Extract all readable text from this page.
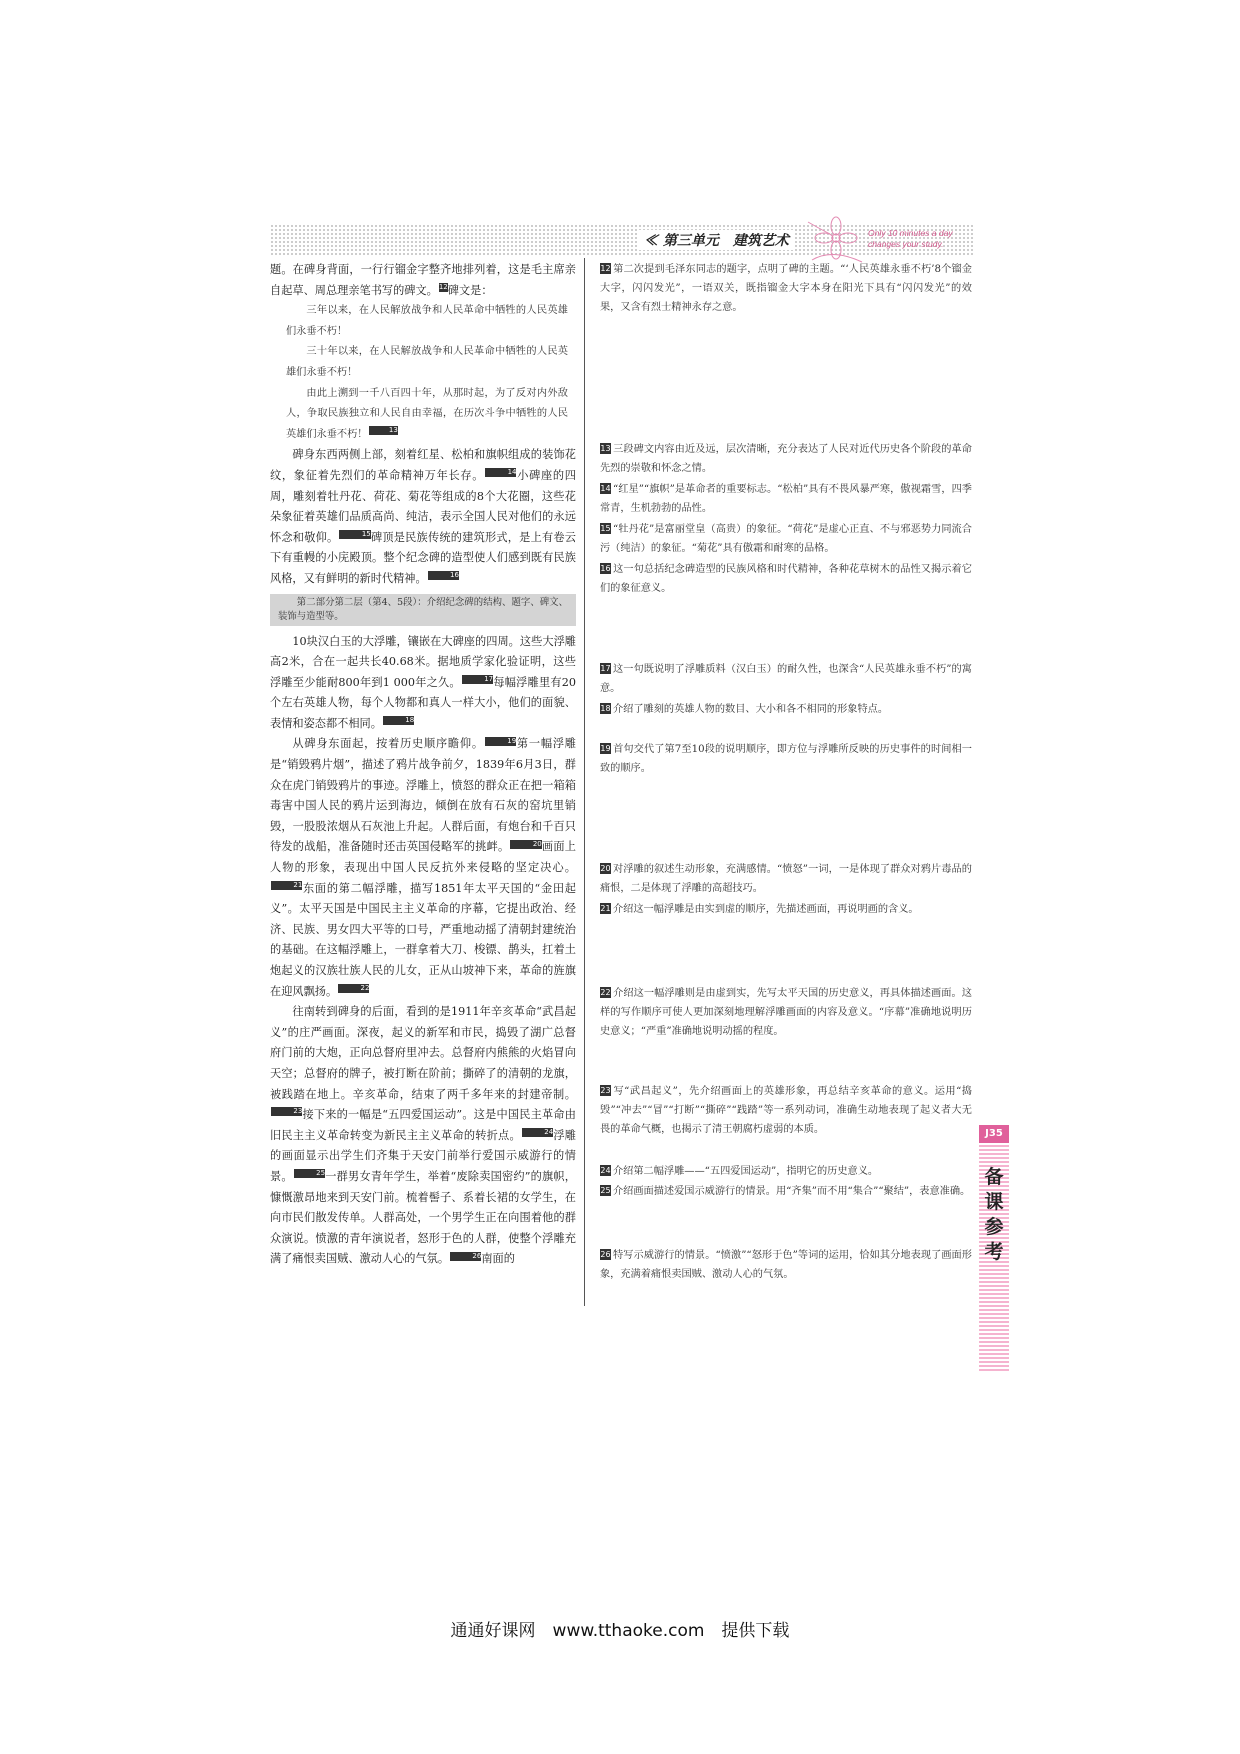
≪ 第三单元　建筑艺术	Only 10 minutes a day
changes your study.

题。在碑身背面，一行行镏金字整齐地排列着，这是毛主席亲自起草、周总理亲笔书写的碑文。12碑文是：

三年以来，在人民解放战争和人民革命中牺牲的人民英雄们永垂不朽！

三十年以来，在人民解放战争和人民革命中牺牲的人民英雄们永垂不朽！

由此上溯到一千八百四十年，从那时起，为了反对内外敌人，争取民族独立和人民自由幸福，在历次斗争中牺牲的人民英雄们永垂不朽！	13

碑身东西两侧上部，刻着红星、松柏和旗帜组成的装饰花纹，象征着先烈们的革命精神万年长存。	14小碑座的四周，雕刻着牡丹花、荷花、菊花等组成的8个大花圈，这些花朵象征着英雄们品质高尚、纯洁，表示全国人民对他们的永远怀念和敬仰。	15碑顶是民族传统的建筑形式，是上有卷云下有重幔的小庑殿顶。整个纪念碑的造型使人们感到既有民族风格，又有鲜明的新时代精神。	16

第二部分第二层（第4、5段）：介绍纪念碑的结构、题字、碑文、装饰与造型等。

10块汉白玉的大浮雕，镶嵌在大碑座的四周。这些大浮雕高2米，合在一起共长40.68米。据地质学家化验证明，这些浮雕至少能耐800年到1 000年之久。	17每幅浮雕里有20个左右英雄人物，每个人物都和真人一样大小，他们的面貌、表情和姿态都不相同。	18

从碑身东面起，按着历史顺序瞻仰。	19第一幅浮雕是“销毁鸦片烟”，描述了鸦片战争前夕，1839年6月3日，群众在虎门销毁鸦片的事迹。浮雕上，愤怒的群众正在把一箱箱毒害中国人民的鸦片运到海边，倾倒在放有石灰的窑坑里销毁，一股股浓烟从石灰池上升起。人群后面，有炮台和千百只待发的战船，准备随时还击英国侵略军的挑衅。	20画面上人物的形象，表现出中国人民反抗外来侵略的坚定决心。21东面的第二幅浮雕，描写1851年太平天国的“金田起义”。太平天国是中国民主主义革命的序幕，它提出政治、经济、民族、男女四大平等的口号，严重地动摇了清朝封建统治的基础。在这幅浮雕上，一群拿着大刀、梭镖、鹊头，扛着土炮起义的汉族壮族人民的儿女，正从山坡神下来，革命的旌旗在迎风飘扬。	22

往南转到碑身的后面，看到的是1911年辛亥革命“武昌起义”的庄严画面。深夜，起义的新军和市民，捣毁了湖广总督府门前的大炮，正向总督府里冲去。总督府内熊熊的火焰冒向天空；总督府的牌子，被打断在阶前；撕碎了的清朝的龙旗，被践踏在地上。辛亥革命，结束了两千多年来的封建帝制。23接下来的一幅是“五四爱国运动”。这是中国民主革命由旧民主主义革命转变为新民主主义革命的转折点。	24浮雕的画面显示出学生们齐集于天安门前举行爱国示威游行的情景。	25一群男女青年学生，举着“废除卖国密约”的旗帜，慷慨激昂地来到天安门前。梳着髻子、系着长裙的女学生，在向市民们散发传单。人群高处，一个男学生正在向围着他的群众演说。愤激的青年演说者，怒形于色的人群，使整个浮雕充满了痛恨卖国贼、激动人心的气氛。	26南面的

12 第二次提到毛泽东同志的题字，点明了碑的主题。“‘人民英雄永垂不朽’8个镏金大字，闪闪发光”，一语双关，既指镏金大字本身在阳光下具有“闪闪发光”的效果，又含有烈士精神永存之意。

13 三段碑文内容由近及远，层次清晰，充分表达了人民对近代历史各个阶段的革命先烈的崇敬和怀念之情。

14 “红星”“旗帜”是革命者的重要标志。“松柏”具有不畏风暴严寒，傲视霜雪，四季常青，生机勃勃的品性。

15 “牡丹花”是富丽堂皇（高贵）的象征。“荷花”是虚心正直、不与邪恶势力同流合污（纯洁）的象征。“菊花”具有傲霜和耐寒的品格。

16 这一句总括纪念碑造型的民族风格和时代精神，各种花草树木的品性又揭示着它们的象征意义。

17 这一句既说明了浮雕质料（汉白玉）的耐久性，也深含“人民英雄永垂不朽”的寓意。

18 介绍了雕刻的英雄人物的数目、大小和各不相同的形象特点。

19 首句交代了第7至10段的说明顺序，即方位与浮雕所反映的历史事件的时间相一致的顺序。

20 对浮雕的叙述生动形象，充满感情。“愤怒”一词，一是体现了群众对鸦片毒品的痛恨，二是体现了浮雕的高超技巧。

21 介绍这一幅浮雕是由实到虚的顺序，先描述画面，再说明画的含义。

22 介绍这一幅浮雕则是由虚到实，先写太平天国的历史意义，再具体描述画面。这样的写作顺序可使人更加深刻地理解浮雕画面的内容及意义。“序幕”准确地说明历史意义；“严重”准确地说明动摇的程度。

23 写“武昌起义”，先介绍画面上的英雄形象，再总结辛亥革命的意义。运用“捣毁”“冲去”“冒”“打断”“撕碎”“践踏”等一系列动词，准确生动地表现了起义者大无畏的革命气概，也揭示了清王朝腐朽虚弱的本质。

24 介绍第二幅浮雕——“五四爱国运动”，指明它的历史意义。

25 介绍画面描述爱国示威游行的情景。用“齐集”而不用“集合”“聚结”，表意准确。

26 特写示威游行的情景。“愤激”“怒形于色”等词的运用，恰如其分地表现了画面形象，充满着痛恨卖国贼、激动人心的气氛。

J35
备课参考
通通好课网　www.tthaoke.com　提供下载
